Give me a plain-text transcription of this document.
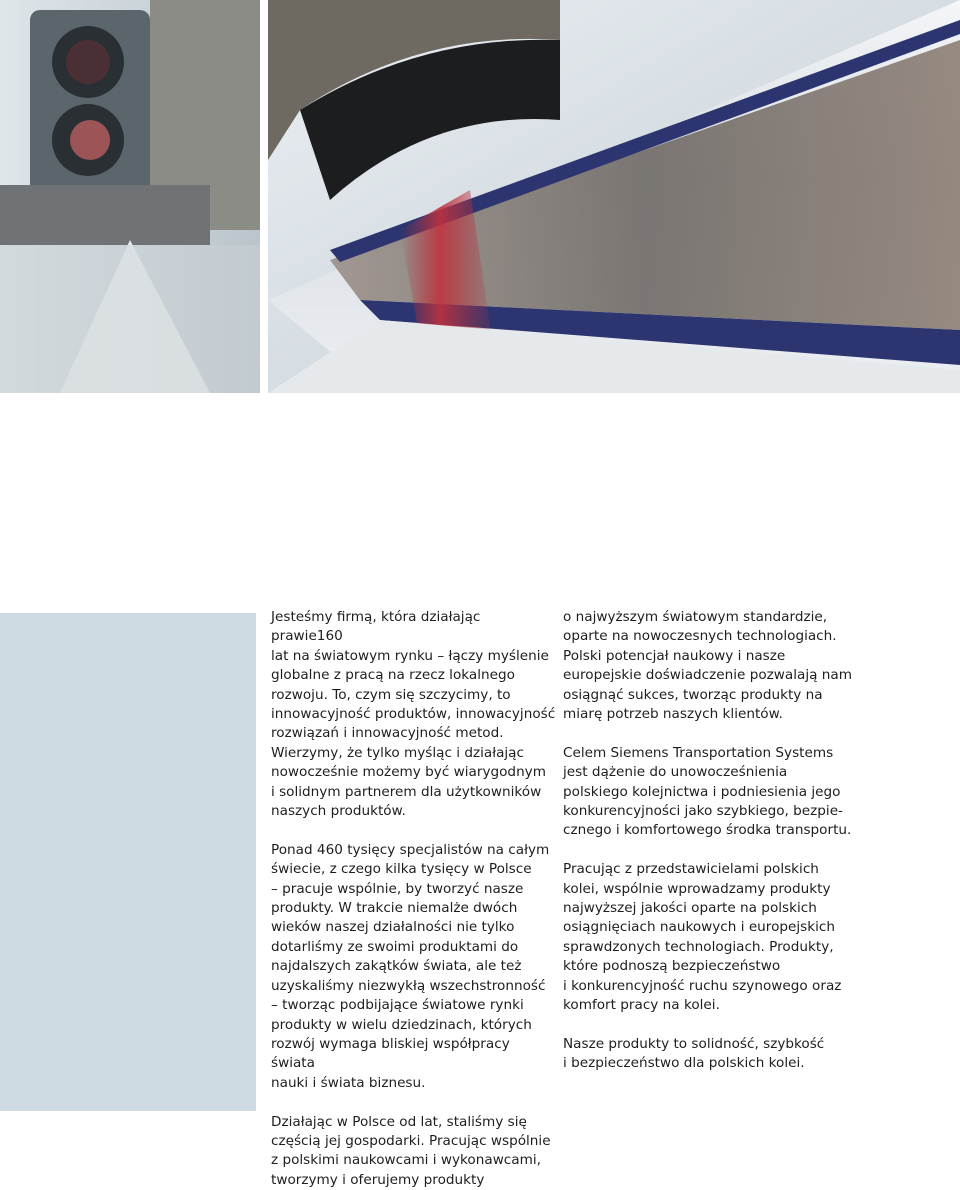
Jesteśmy firmą, która działając prawie160
lat na światowym rynku – łączy myślenie
globalne z pracą na rzecz lokalnego
rozwoju. To, czym się szczycimy, to
innowacyjność produktów, innowacyjność
rozwiązań i innowacyjność metod.
Wierzymy, że tylko myśląc i działając
nowocześnie możemy być wiarygodnym
i solidnym partnerem dla użytkowników
naszych produktów.

Ponad 460 tysięcy specjalistów na całym
świecie, z czego kilka tysięcy w Polsce
– pracuje wspólnie, by tworzyć nasze
produkty. W trakcie niemalże dwóch
wieków naszej działalności nie tylko
dotarliśmy ze swoimi produktami do
najdalszych zakątków świata, ale też
uzyskaliśmy niezwykłą wszechstronność
– tworząc podbijające światowe rynki
produkty w wielu dziedzinach, których
rozwój wymaga bliskiej współpracy świata
nauki i świata biznesu.

Działając w Polsce od lat, staliśmy się
częścią jej gospodarki. Pracując wspólnie
z polskimi naukowcami i wykonawcami,
tworzymy i oferujemy produkty

o najwyższym światowym standardzie,
oparte na nowoczesnych technologiach.
Polski potencjał naukowy i nasze
europejskie doświadczenie pozwalają nam
osiągnąć sukces, tworząc produkty na
miarę potrzeb naszych klientów.

Celem Siemens Transportation Systems
jest dążenie do unowocześnienia
polskiego kolejnictwa i podniesienia jego
konkurencyjności jako szybkiego, bezpie-
cznego i komfortowego środka transportu.

Pracując z przedstawicielami polskich
kolei, wspólnie wprowadzamy produkty
najwyższej jakości oparte na polskich
osiągnięciach naukowych i europejskich
sprawdzonych technologiach. Produkty,
które podnoszą bezpieczeństwo
i konkurencyjność ruchu szynowego oraz
komfort pracy na kolei.

Nasze produkty to solidność, szybkość
i bezpieczeństwo dla polskich kolei.
